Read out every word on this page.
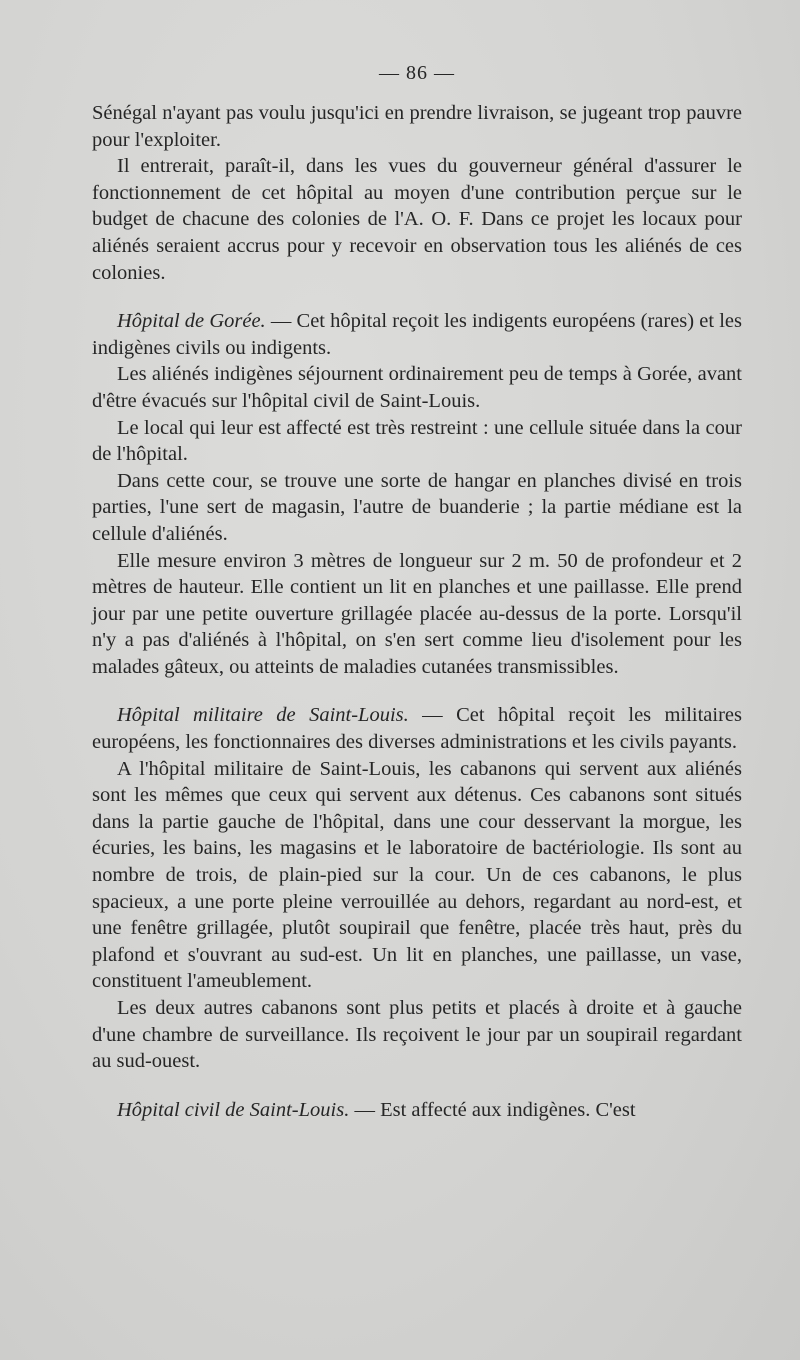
— 86 —

Sénégal n'ayant pas voulu jusqu'ici en prendre livraison, se jugeant trop pauvre pour l'exploiter.

Il entrerait, paraît-il, dans les vues du gouverneur général d'assurer le fonctionnement de cet hôpital au moyen d'une contribution perçue sur le budget de chacune des colonies de l'A. O. F. Dans ce projet les locaux pour aliénés seraient accrus pour y recevoir en observation tous les aliénés de ces colonies.

Hôpital de Gorée. — Cet hôpital reçoit les indigents européens (rares) et les indigènes civils ou indigents.

Les aliénés indigènes séjournent ordinairement peu de temps à Gorée, avant d'être évacués sur l'hôpital civil de Saint-Louis.

Le local qui leur est affecté est très restreint : une cellule située dans la cour de l'hôpital.

Dans cette cour, se trouve une sorte de hangar en planches divisé en trois parties, l'une sert de magasin, l'autre de buanderie ; la partie médiane est la cellule d'aliénés.

Elle mesure environ 3 mètres de longueur sur 2 m. 50 de profondeur et 2 mètres de hauteur. Elle contient un lit en planches et une paillasse. Elle prend jour par une petite ouverture grillagée placée au-dessus de la porte. Lorsqu'il n'y a pas d'aliénés à l'hôpital, on s'en sert comme lieu d'isolement pour les malades gâteux, ou atteints de maladies cutanées transmissibles.

Hôpital militaire de Saint-Louis. — Cet hôpital reçoit les militaires européens, les fonctionnaires des diverses administrations et les civils payants.

A l'hôpital militaire de Saint-Louis, les cabanons qui servent aux aliénés sont les mêmes que ceux qui servent aux détenus. Ces cabanons sont situés dans la partie gauche de l'hôpital, dans une cour desservant la morgue, les écuries, les bains, les magasins et le laboratoire de bactériologie. Ils sont au nombre de trois, de plain-pied sur la cour. Un de ces cabanons, le plus spacieux, a une porte pleine verrouillée au dehors, regardant au nord-est, et une fenêtre grillagée, plutôt soupirail que fenêtre, placée très haut, près du plafond et s'ouvrant au sud-est. Un lit en planches, une paillasse, un vase, constituent l'ameublement.

Les deux autres cabanons sont plus petits et placés à droite et à gauche d'une chambre de surveillance. Ils reçoivent le jour par un soupirail regardant au sud-ouest.

Hôpital civil de Saint-Louis. — Est affecté aux indigènes. C'est
